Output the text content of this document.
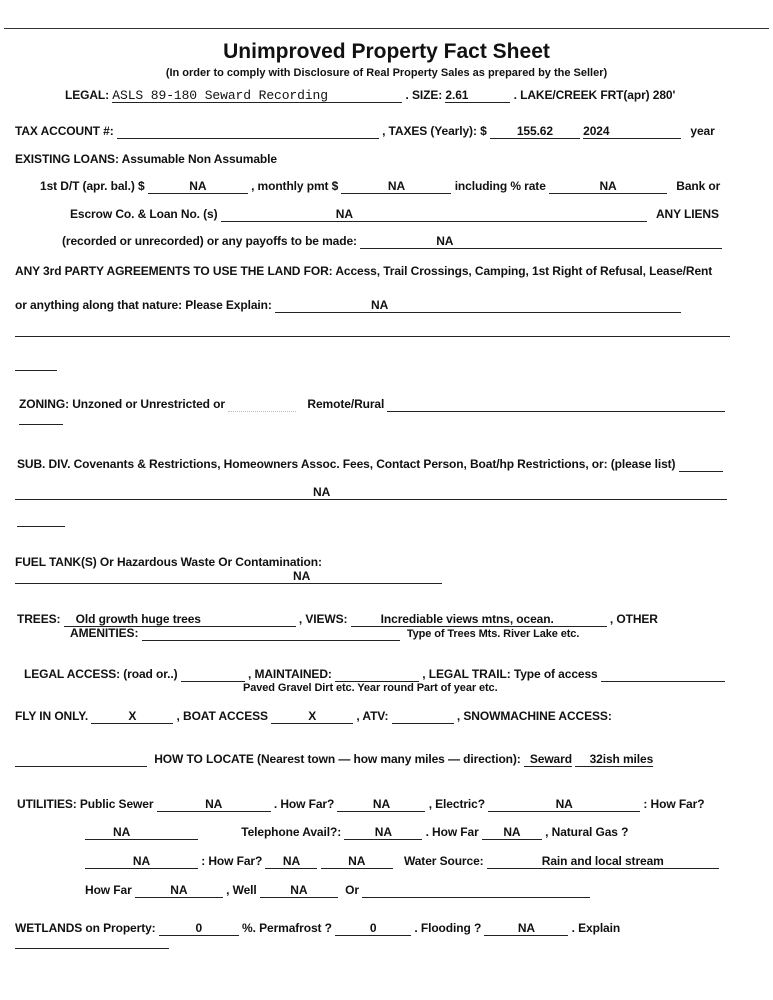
Unimproved Property Fact Sheet
(In order to comply with Disclosure of Real Property Sales as prepared by the Seller)
LEGAL: ASLS 89-180 Seward Recording	. SIZE: 2.61	. LAKE/CREEK FRT(apr) 280'
TAX ACCOUNT #:	, TAXES (Yearly): $	155.62	2024	year
EXISTING LOANS: Assumable Non Assumable
1st D/T (apr. bal.) $	NA	, monthly pmt $	NA	including % rate	NA	Bank or
Escrow Co. & Loan No. (s)	NA	ANY LIENS
(recorded or unrecorded) or any payoffs to be made:	NA
ANY 3rd PARTY AGREEMENTS TO USE THE LAND FOR: Access, Trail Crossings, Camping, 1st Right of Refusal, Lease/Rent
or anything along that nature: Please Explain:	NA
ZONING: Unzoned or Unrestricted or	Remote/Rural
SUB. DIV. Covenants & Restrictions, Homeowners Assoc. Fees, Contact Person, Boat/hp Restrictions, or: (please list)
NA
FUEL TANK(S) Or Hazardous Waste Or Contamination:
NA
TREES: Old growth huge trees	, VIEWS:	Incrediable views mtns, ocean.	, OTHER
AMENITIES:	Type of Trees Mts. River Lake etc.
LEGAL ACCESS: (road or..)	, MAINTAINED:	, LEGAL TRAIL: Type of access
Paved Gravel Dirt etc. Year round Part of year etc.
FLY IN ONLY.	X	, BOAT ACCESS	X	, ATV:	, SNOWMACHINE ACCESS:
HOW TO LOCATE (Nearest town — how many miles — direction): Seward 32ish miles
UTILITIES: Public Sewer	NA	. How Far?	NA	, Electric?	NA	: How Far?
NA	Telephone Avail?:	NA	. How Far NA , Natural Gas ?
NA	: How Far? NA	NA	Water Source:	Rain and local stream
How Far	NA	, Well	NA	Or
WETLANDS on Property:	0	%. Permafrost ?	0	. Flooding ?	NA	. Explain
